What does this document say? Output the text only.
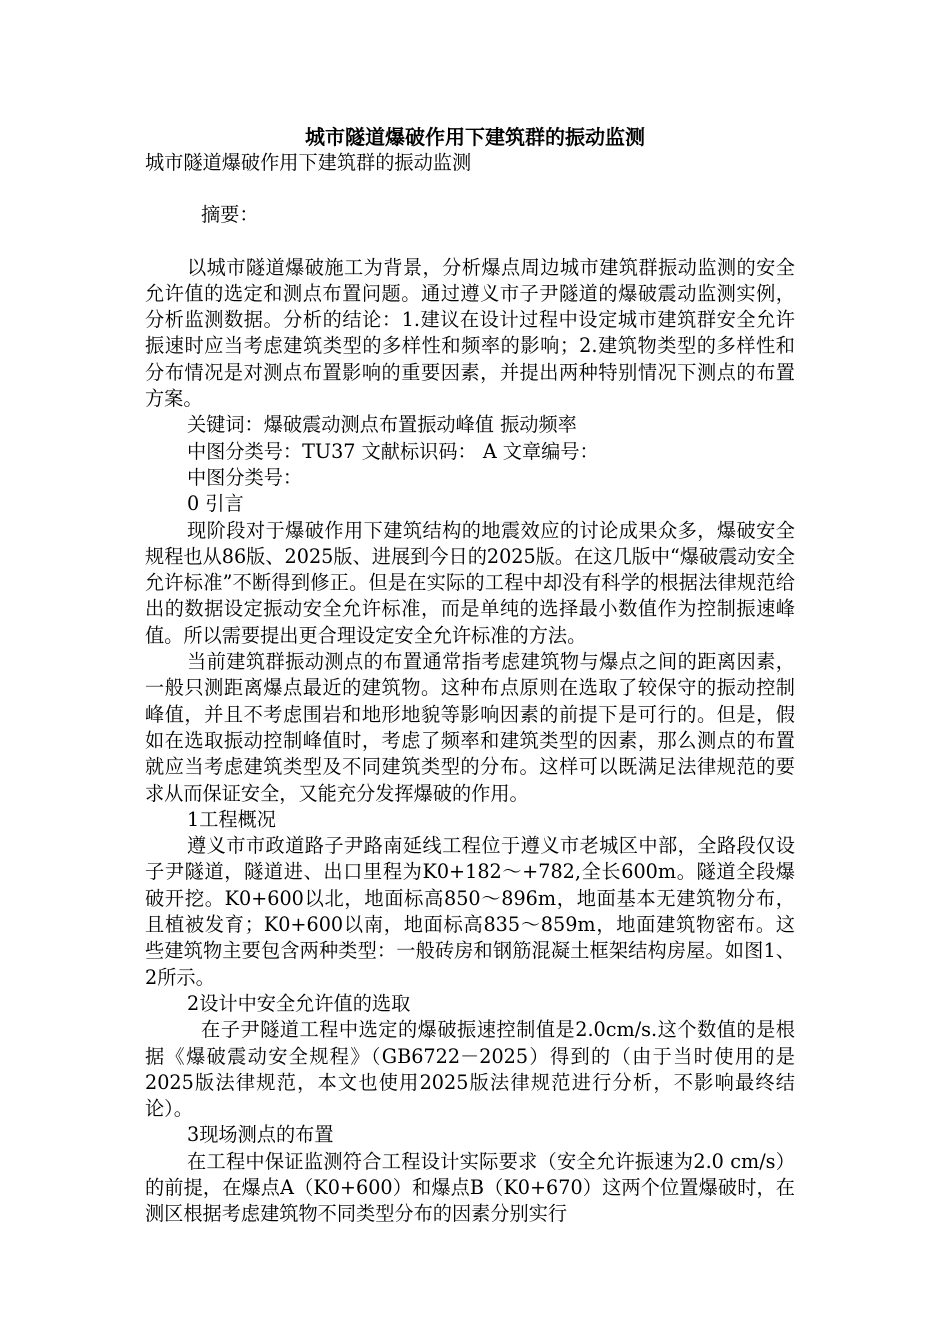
城市隧道爆破作用下建筑群的振动监测

城市隧道爆破作用下建筑群的振动监测

摘要：

以城市隧道爆破施工为背景，分析爆点周边城市建筑群振动监测的安全允许值的选定和测点布置问题。通过遵义市子尹隧道的爆破震动监测实例，分析监测数据。分析的结论：1.建议在设计过程中设定城市建筑群安全允许振速时应当考虑建筑类型的多样性和频率的影响；2.建筑物类型的多样性和分布情况是对测点布置影响的重要因素，并提出两种特别情况下测点的布置方案。

关键词：爆破震动测点布置振动峰值 振动频率

中图分类号：TU37 文献标识码： A 文章编号：

中图分类号：

0 引言

现阶段对于爆破作用下建筑结构的地震效应的讨论成果众多，爆破安全规程也从86版、2025版、进展到今日的2025版。在这几版中“爆破震动安全允许标准”不断得到修正。但是在实际的工程中却没有科学的根据法律规范给出的数据设定振动安全允许标准，而是单纯的选择最小数值作为控制振速峰值。所以需要提出更合理设定安全允许标准的方法。

当前建筑群振动测点的布置通常指考虑建筑物与爆点之间的距离因素，一般只测距离爆点最近的建筑物。这种布点原则在选取了较保守的振动控制峰值，并且不考虑围岩和地形地貌等影响因素的前提下是可行的。但是，假如在选取振动控制峰值时，考虑了频率和建筑类型的因素，那么测点的布置就应当考虑建筑类型及不同建筑类型的分布。这样可以既满足法律规范的要求从而保证安全，又能充分发挥爆破的作用。

1工程概况

遵义市市政道路子尹路南延线工程位于遵义市老城区中部，全路段仅设子尹隧道，隧道进、出口里程为K0+182～+782,全长600m。隧道全段爆破开挖。K0+600以北，地面标高850～896m，地面基本无建筑物分布，且植被发育；K0+600以南，地面标高835～859m，地面建筑物密布。这些建筑物主要包含两种类型：一般砖房和钢筋混凝土框架结构房屋。如图1、2所示。

2设计中安全允许值的选取

在子尹隧道工程中选定的爆破振速控制值是2.0cm/s.这个数值的是根据《爆破震动安全规程》（GB6722－2025）得到的（由于当时使用的是2025版法律规范，本文也使用2025版法律规范进行分析，不影响最终结论）。

3现场测点的布置

在工程中保证监测符合工程设计实际要求（安全允许振速为2.0 cm/s）的前提，在爆点A（K0+600）和爆点B（K0+670）这两个位置爆破时，在测区根据考虑建筑物不同类型分布的因素分别实行
